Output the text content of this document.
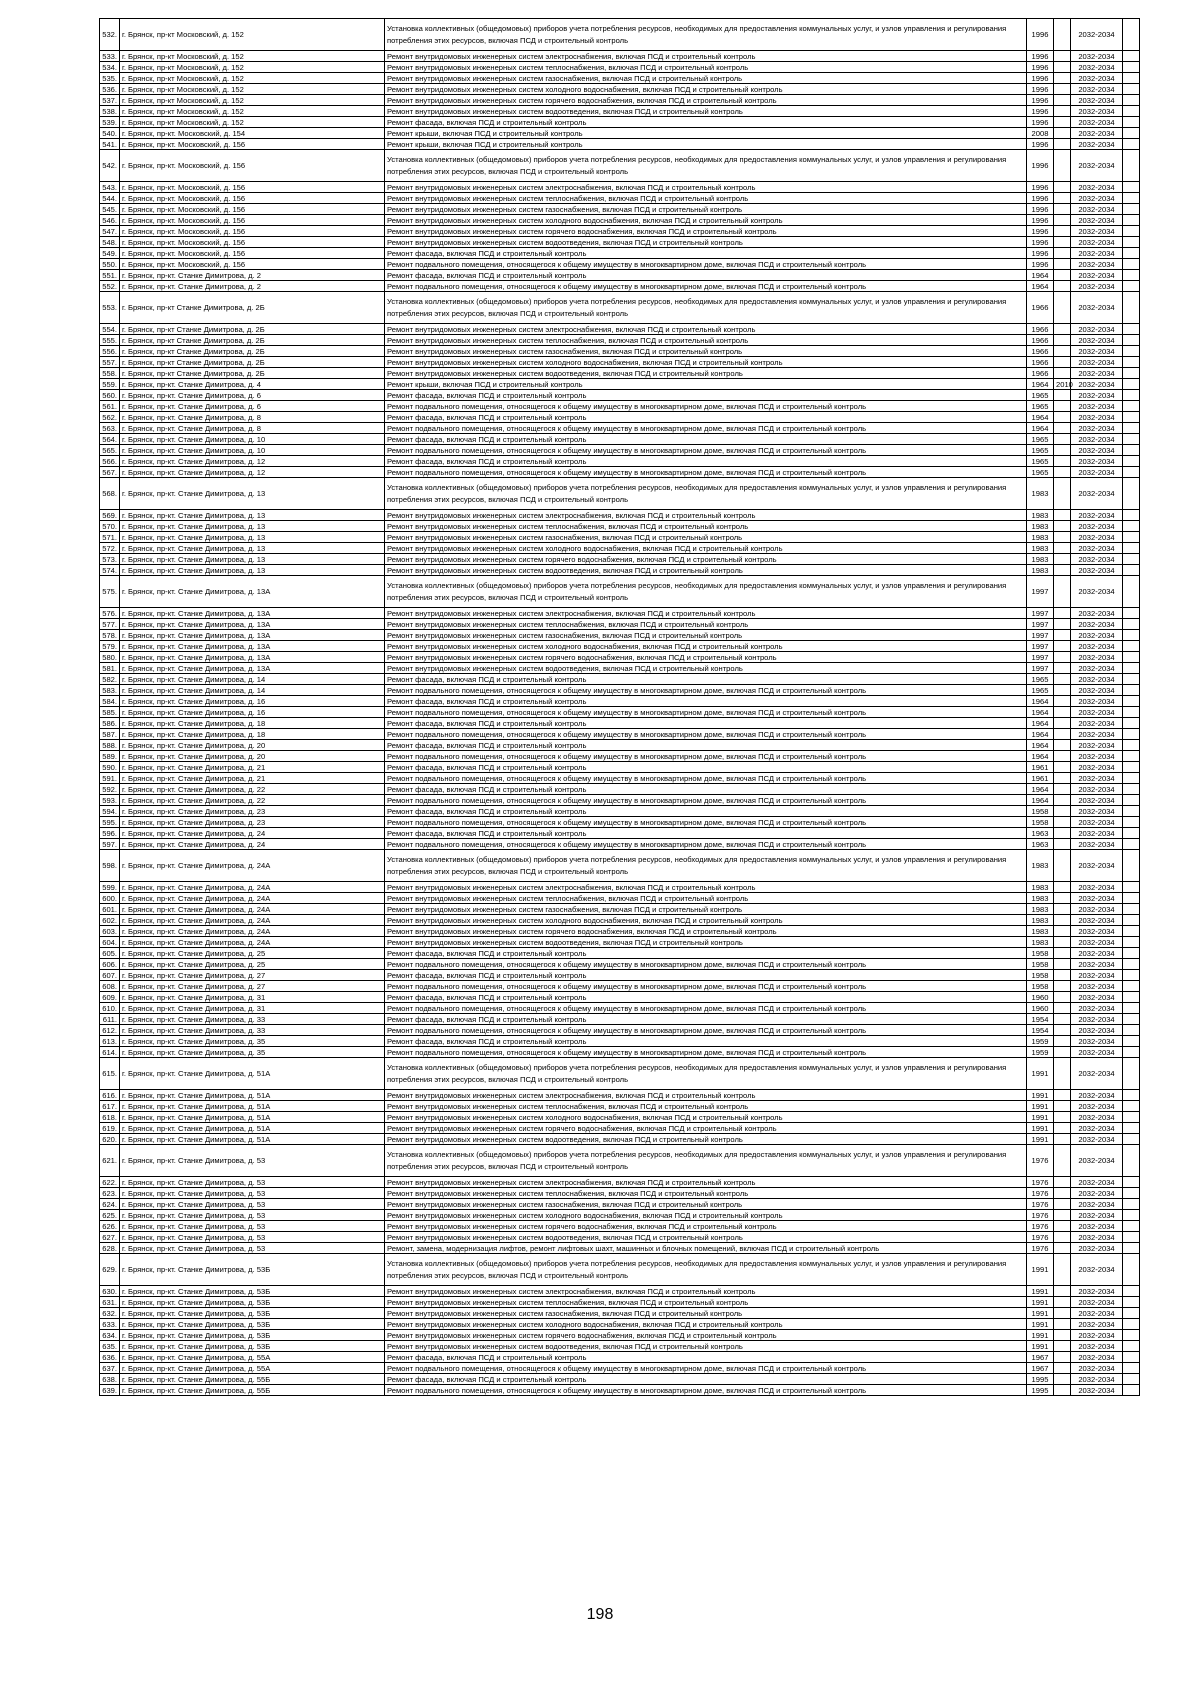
532.	г. Брянск, пр-кт Московский, д. 152	Установка коллективных (общедомовых) приборов учета потребления ресурсов, необходимых для предоставления коммунальных услуг, и узлов управления и регулирования потребления этих ресурсов, включая ПСД и строительный контроль	1996		2032-2034	
533.	г. Брянск, пр-кт Московский, д. 152	Ремонт внутридомовых инженерных систем электроснабжения, включая ПСД и строительный контроль	1996		2032-2034	
534.	г. Брянск, пр-кт Московский, д. 152	Ремонт внутридомовых инженерных систем теплоснабжения, включая ПСД и строительный контроль	1996		2032-2034	
535.	г. Брянск, пр-кт Московский, д. 152	Ремонт внутридомовых инженерных систем газоснабжения, включая ПСД и строительный контроль	1996		2032-2034	
536.	г. Брянск, пр-кт Московский, д. 152	Ремонт внутридомовых инженерных систем холодного водоснабжения, включая ПСД и строительный контроль	1996		2032-2034	
537.	г. Брянск, пр-кт Московский, д. 152	Ремонт внутридомовых инженерных систем горячего водоснабжения, включая ПСД и строительный контроль	1996		2032-2034	
538.	г. Брянск, пр-кт Московский, д. 152	Ремонт внутридомовых инженерных систем водоотведения, включая ПСД и строительный контроль	1996		2032-2034	
539.	г. Брянск, пр-кт Московский, д. 152	Ремонт фасада, включая ПСД и строительный контроль	1996		2032-2034	
540.	г. Брянск, пр-кт. Московский, д. 154	Ремонт крыши, включая ПСД и строительный контроль	2008		2032-2034	
541.	г. Брянск, пр-кт. Московский, д. 156	Ремонт крыши, включая ПСД и строительный контроль	1996		2032-2034	
542.	г. Брянск, пр-кт. Московский, д. 156	Установка коллективных (общедомовых) приборов учета потребления ресурсов, необходимых для предоставления коммунальных услуг, и узлов управления и регулирования потребления этих ресурсов, включая ПСД и строительный контроль	1996		2032-2034	
543.	г. Брянск, пр-кт. Московский, д. 156	Ремонт внутридомовых инженерных систем электроснабжения, включая ПСД и строительный контроль	1996		2032-2034	
544.	г. Брянск, пр-кт. Московский, д. 156	Ремонт внутридомовых инженерных систем теплоснабжения, включая ПСД и строительный контроль	1996		2032-2034	
545.	г. Брянск, пр-кт. Московский, д. 156	Ремонт внутридомовых инженерных систем газоснабжения, включая ПСД и строительный контроль	1996		2032-2034	
546.	г. Брянск, пр-кт. Московский, д. 156	Ремонт внутридомовых инженерных систем холодного водоснабжения, включая ПСД и строительный контроль	1996		2032-2034	
547.	г. Брянск, пр-кт. Московский, д. 156	Ремонт внутридомовых инженерных систем горячего водоснабжения, включая ПСД и строительный контроль	1996		2032-2034	
548.	г. Брянск, пр-кт. Московский, д. 156	Ремонт внутридомовых инженерных систем водоотведения, включая ПСД и строительный контроль	1996		2032-2034	
549.	г. Брянск, пр-кт. Московский, д. 156	Ремонт фасада, включая ПСД и строительный контроль	1996		2032-2034	
550.	г. Брянск, пр-кт. Московский, д. 156	Ремонт подвального помещения, относящегося к общему имуществу в многоквартирном доме, включая ПСД и строительный контроль	1996		2032-2034	
551.	г. Брянск, пр-кт. Станке Димитрова, д. 2	Ремонт фасада, включая ПСД и строительный контроль	1964		2032-2034	
552.	г. Брянск, пр-кт. Станке Димитрова, д. 2	Ремонт подвального помещения, относящегося к общему имуществу в многоквартирном доме, включая ПСД и строительный контроль	1964		2032-2034	
553.	г. Брянск, пр-кт Станке Димитрова, д. 2Б	Установка коллективных (общедомовых) приборов учета потребления ресурсов, необходимых для предоставления коммунальных услуг, и узлов управления и регулирования потребления этих ресурсов, включая ПСД и строительный контроль	1966		2032-2034	
554.	г. Брянск, пр-кт Станке Димитрова, д. 2Б	Ремонт внутридомовых инженерных систем электроснабжения, включая ПСД и строительный контроль	1966		2032-2034	
555.	г. Брянск, пр-кт Станке Димитрова, д. 2Б	Ремонт внутридомовых инженерных систем теплоснабжения, включая ПСД и строительный контроль	1966		2032-2034	
556.	г. Брянск, пр-кт Станке Димитрова, д. 2Б	Ремонт внутридомовых инженерных систем газоснабжения, включая ПСД и строительный контроль	1966		2032-2034	
557.	г. Брянск, пр-кт Станке Димитрова, д. 2Б	Ремонт внутридомовых инженерных систем холодного водоснабжения, включая ПСД и строительный контроль	1966		2032-2034	
558.	г. Брянск, пр-кт Станке Димитрова, д. 2Б	Ремонт внутридомовых инженерных систем водоотведения, включая ПСД и строительный контроль	1966		2032-2034	
559.	г. Брянск, пр-кт. Станке Димитрова, д. 4	Ремонт крыши, включая ПСД и строительный контроль	1964	2010	2032-2034	
560.	г. Брянск, пр-кт. Станке Димитрова, д. 6	Ремонт фасада, включая ПСД и строительный контроль	1965		2032-2034	
561.	г. Брянск, пр-кт. Станке Димитрова, д. 6	Ремонт подвального помещения, относящегося к общему имуществу в многоквартирном доме, включая ПСД и строительный контроль	1965		2032-2034	
562.	г. Брянск, пр-кт. Станке Димитрова, д. 8	Ремонт фасада, включая ПСД и строительный контроль	1964		2032-2034	
563.	г. Брянск, пр-кт. Станке Димитрова, д. 8	Ремонт подвального помещения, относящегося к общему имуществу в многоквартирном доме, включая ПСД и строительный контроль	1964		2032-2034	
564.	г. Брянск, пр-кт. Станке Димитрова, д. 10	Ремонт фасада, включая ПСД и строительный контроль	1965		2032-2034	
565.	г. Брянск, пр-кт. Станке Димитрова, д. 10	Ремонт подвального помещения, относящегося к общему имуществу в многоквартирном доме, включая ПСД и строительный контроль	1965		2032-2034	
566.	г. Брянск, пр-кт. Станке Димитрова, д. 12	Ремонт фасада, включая ПСД и строительный контроль	1965		2032-2034	
567.	г. Брянск, пр-кт. Станке Димитрова, д. 12	Ремонт подвального помещения, относящегося к общему имуществу в многоквартирном доме, включая ПСД и строительный контроль	1965		2032-2034	
568.	г. Брянск, пр-кт. Станке Димитрова, д. 13	Установка коллективных (общедомовых) приборов учета потребления ресурсов, необходимых для предоставления коммунальных услуг, и узлов управления и регулирования потребления этих ресурсов, включая ПСД и строительный контроль	1983		2032-2034	
569.	г. Брянск, пр-кт. Станке Димитрова, д. 13	Ремонт внутридомовых инженерных систем электроснабжения, включая ПСД и строительный контроль	1983		2032-2034	
570.	г. Брянск, пр-кт. Станке Димитрова, д. 13	Ремонт внутридомовых инженерных систем теплоснабжения, включая ПСД и строительный контроль	1983		2032-2034	
571.	г. Брянск, пр-кт. Станке Димитрова, д. 13	Ремонт внутридомовых инженерных систем газоснабжения, включая ПСД и строительный контроль	1983		2032-2034	
572.	г. Брянск, пр-кт. Станке Димитрова, д. 13	Ремонт внутридомовых инженерных систем холодного водоснабжения, включая ПСД и строительный контроль	1983		2032-2034	
573.	г. Брянск, пр-кт. Станке Димитрова, д. 13	Ремонт внутридомовых инженерных систем горячего водоснабжения, включая ПСД и строительный контроль	1983		2032-2034	
574.	г. Брянск, пр-кт. Станке Димитрова, д. 13	Ремонт внутридомовых инженерных систем водоотведения, включая ПСД и строительный контроль	1983		2032-2034	
575.	г. Брянск, пр-кт. Станке Димитрова, д. 13А	Установка коллективных (общедомовых) приборов учета потребления ресурсов, необходимых для предоставления коммунальных услуг, и узлов управления и регулирования потребления этих ресурсов, включая ПСД и строительный контроль	1997		2032-2034	
576.	г. Брянск, пр-кт. Станке Димитрова, д. 13А	Ремонт внутридомовых инженерных систем электроснабжения, включая ПСД и строительный контроль	1997		2032-2034	
577.	г. Брянск, пр-кт. Станке Димитрова, д. 13А	Ремонт внутридомовых инженерных систем теплоснабжения, включая ПСД и строительный контроль	1997		2032-2034	
578.	г. Брянск, пр-кт. Станке Димитрова, д. 13А	Ремонт внутридомовых инженерных систем газоснабжения, включая ПСД и строительный контроль	1997		2032-2034	
579.	г. Брянск, пр-кт. Станке Димитрова, д. 13А	Ремонт внутридомовых инженерных систем холодного водоснабжения, включая ПСД и строительный контроль	1997		2032-2034	
580.	г. Брянск, пр-кт. Станке Димитрова, д. 13А	Ремонт внутридомовых инженерных систем горячего водоснабжения, включая ПСД и строительный контроль	1997		2032-2034	
581.	г. Брянск, пр-кт. Станке Димитрова, д. 13А	Ремонт внутридомовых инженерных систем водоотведения, включая ПСД и строительный контроль	1997		2032-2034	
582.	г. Брянск, пр-кт. Станке Димитрова, д. 14	Ремонт фасада, включая ПСД и строительный контроль	1965		2032-2034	
583.	г. Брянск, пр-кт. Станке Димитрова, д. 14	Ремонт подвального помещения, относящегося к общему имуществу в многоквартирном доме, включая ПСД и строительный контроль	1965		2032-2034	
584.	г. Брянск, пр-кт. Станке Димитрова, д. 16	Ремонт фасада, включая ПСД и строительный контроль	1964		2032-2034	
585.	г. Брянск, пр-кт. Станке Димитрова, д. 16	Ремонт подвального помещения, относящегося к общему имуществу в многоквартирном доме, включая ПСД и строительный контроль	1964		2032-2034	
586.	г. Брянск, пр-кт. Станке Димитрова, д. 18	Ремонт фасада, включая ПСД и строительный контроль	1964		2032-2034	
587.	г. Брянск, пр-кт. Станке Димитрова, д. 18	Ремонт подвального помещения, относящегося к общему имуществу в многоквартирном доме, включая ПСД и строительный контроль	1964		2032-2034	
588.	г. Брянск, пр-кт. Станке Димитрова, д. 20	Ремонт фасада, включая ПСД и строительный контроль	1964		2032-2034	
589.	г. Брянск, пр-кт. Станке Димитрова, д. 20	Ремонт подвального помещения, относящегося к общему имуществу в многоквартирном доме, включая ПСД и строительный контроль	1964		2032-2034	
590.	г. Брянск, пр-кт. Станке Димитрова, д. 21	Ремонт фасада, включая ПСД и строительный контроль	1961		2032-2034	
591.	г. Брянск, пр-кт. Станке Димитрова, д. 21	Ремонт подвального помещения, относящегося к общему имуществу в многоквартирном доме, включая ПСД и строительный контроль	1961		2032-2034	
592.	г. Брянск, пр-кт. Станке Димитрова, д. 22	Ремонт фасада, включая ПСД и строительный контроль	1964		2032-2034	
593.	г. Брянск, пр-кт. Станке Димитрова, д. 22	Ремонт подвального помещения, относящегося к общему имуществу в многоквартирном доме, включая ПСД и строительный контроль	1964		2032-2034	
594.	г. Брянск, пр-кт. Станке Димитрова, д. 23	Ремонт фасада, включая ПСД и строительный контроль	1958		2032-2034	
595.	г. Брянск, пр-кт. Станке Димитрова, д. 23	Ремонт подвального помещения, относящегося к общему имуществу в многоквартирном доме, включая ПСД и строительный контроль	1958		2032-2034	
596.	г. Брянск, пр-кт. Станке Димитрова, д. 24	Ремонт фасада, включая ПСД и строительный контроль	1963		2032-2034	
597.	г. Брянск, пр-кт. Станке Димитрова, д. 24	Ремонт подвального помещения, относящегося к общему имуществу в многоквартирном доме, включая ПСД и строительный контроль	1963		2032-2034	
598.	г. Брянск, пр-кт. Станке Димитрова, д. 24А	Установка коллективных (общедомовых) приборов учета потребления ресурсов, необходимых для предоставления коммунальных услуг, и узлов управления и регулирования потребления этих ресурсов, включая ПСД и строительный контроль	1983		2032-2034	
599.	г. Брянск, пр-кт. Станке Димитрова, д. 24А	Ремонт внутридомовых инженерных систем электроснабжения, включая ПСД и строительный контроль	1983		2032-2034	
600.	г. Брянск, пр-кт. Станке Димитрова, д. 24А	Ремонт внутридомовых инженерных систем теплоснабжения, включая ПСД и строительный контроль	1983		2032-2034	
601.	г. Брянск, пр-кт. Станке Димитрова, д. 24А	Ремонт внутридомовых инженерных систем газоснабжения, включая ПСД и строительный контроль	1983		2032-2034	
602.	г. Брянск, пр-кт. Станке Димитрова, д. 24А	Ремонт внутридомовых инженерных систем холодного водоснабжения, включая ПСД и строительный контроль	1983		2032-2034	
603.	г. Брянск, пр-кт. Станке Димитрова, д. 24А	Ремонт внутридомовых инженерных систем горячего водоснабжения, включая ПСД и строительный контроль	1983		2032-2034	
604.	г. Брянск, пр-кт. Станке Димитрова, д. 24А	Ремонт внутридомовых инженерных систем водоотведения, включая ПСД и строительный контроль	1983		2032-2034	
605.	г. Брянск, пр-кт. Станке Димитрова, д. 25	Ремонт фасада, включая ПСД и строительный контроль	1958		2032-2034	
606.	г. Брянск, пр-кт. Станке Димитрова, д. 25	Ремонт подвального помещения, относящегося к общему имуществу в многоквартирном доме, включая ПСД и строительный контроль	1958		2032-2034	
607.	г. Брянск, пр-кт. Станке Димитрова, д. 27	Ремонт фасада, включая ПСД и строительный контроль	1958		2032-2034	
608.	г. Брянск, пр-кт. Станке Димитрова, д. 27	Ремонт подвального помещения, относящегося к общему имуществу в многоквартирном доме, включая ПСД и строительный контроль	1958		2032-2034	
609.	г. Брянск, пр-кт. Станке Димитрова, д. 31	Ремонт фасада, включая ПСД и строительный контроль	1960		2032-2034	
610.	г. Брянск, пр-кт. Станке Димитрова, д. 31	Ремонт подвального помещения, относящегося к общему имуществу в многоквартирном доме, включая ПСД и строительный контроль	1960		2032-2034	
611.	г. Брянск, пр-кт. Станке Димитрова, д. 33	Ремонт фасада, включая ПСД и строительный контроль	1954		2032-2034	
612.	г. Брянск, пр-кт. Станке Димитрова, д. 33	Ремонт подвального помещения, относящегося к общему имуществу в многоквартирном доме, включая ПСД и строительный контроль	1954		2032-2034	
613.	г. Брянск, пр-кт. Станке Димитрова, д. 35	Ремонт фасада, включая ПСД и строительный контроль	1959		2032-2034	
614.	г. Брянск, пр-кт. Станке Димитрова, д. 35	Ремонт подвального помещения, относящегося к общему имуществу в многоквартирном доме, включая ПСД и строительный контроль	1959		2032-2034	
615.	г. Брянск, пр-кт. Станке Димитрова, д. 51А	Установка коллективных (общедомовых) приборов учета потребления ресурсов, необходимых для предоставления коммунальных услуг, и узлов управления и регулирования потребления этих ресурсов, включая ПСД и строительный контроль	1991		2032-2034	
616.	г. Брянск, пр-кт. Станке Димитрова, д. 51А	Ремонт внутридомовых инженерных систем электроснабжения, включая ПСД и строительный контроль	1991		2032-2034	
617.	г. Брянск, пр-кт. Станке Димитрова, д. 51А	Ремонт внутридомовых инженерных систем теплоснабжения, включая ПСД и строительный контроль	1991		2032-2034	
618.	г. Брянск, пр-кт. Станке Димитрова, д. 51А	Ремонт внутридомовых инженерных систем холодного водоснабжения, включая ПСД и строительный контроль	1991		2032-2034	
619.	г. Брянск, пр-кт. Станке Димитрова, д. 51А	Ремонт внутридомовых инженерных систем горячего водоснабжения, включая ПСД и строительный контроль	1991		2032-2034	
620.	г. Брянск, пр-кт. Станке Димитрова, д. 51А	Ремонт внутридомовых инженерных систем водоотведения, включая ПСД и строительный контроль	1991		2032-2034	
621.	г. Брянск, пр-кт. Станке Димитрова, д. 53	Установка коллективных (общедомовых) приборов учета потребления ресурсов, необходимых для предоставления коммунальных услуг, и узлов управления и регулирования потребления этих ресурсов, включая ПСД и строительный контроль	1976		2032-2034	
622.	г. Брянск, пр-кт. Станке Димитрова, д. 53	Ремонт внутридомовых инженерных систем электроснабжения, включая ПСД и строительный контроль	1976		2032-2034	
623.	г. Брянск, пр-кт. Станке Димитрова, д. 53	Ремонт внутридомовых инженерных систем теплоснабжения, включая ПСД и строительный контроль	1976		2032-2034	
624.	г. Брянск, пр-кт. Станке Димитрова, д. 53	Ремонт внутридомовых инженерных систем газоснабжения, включая ПСД и строительный контроль	1976		2032-2034	
625.	г. Брянск, пр-кт. Станке Димитрова, д. 53	Ремонт внутридомовых инженерных систем холодного водоснабжения, включая ПСД и строительный контроль	1976		2032-2034	
626.	г. Брянск, пр-кт. Станке Димитрова, д. 53	Ремонт внутридомовых инженерных систем горячего водоснабжения, включая ПСД и строительный контроль	1976		2032-2034	
627.	г. Брянск, пр-кт. Станке Димитрова, д. 53	Ремонт внутридомовых инженерных систем водоотведения, включая ПСД и строительный контроль	1976		2032-2034	
628.	г. Брянск, пр-кт. Станке Димитрова, д. 53	Ремонт, замена, модернизация лифтов, ремонт лифтовых шахт, машинных и блочных помещений, включая ПСД и строительный контроль	1976		2032-2034	
629.	г. Брянск, пр-кт. Станке Димитрова, д. 53Б	Установка коллективных (общедомовых) приборов учета потребления ресурсов, необходимых для предоставления коммунальных услуг, и узлов управления и регулирования потребления этих ресурсов, включая ПСД и строительный контроль	1991		2032-2034	
630.	г. Брянск, пр-кт. Станке Димитрова, д. 53Б	Ремонт внутридомовых инженерных систем электроснабжения, включая ПСД и строительный контроль	1991		2032-2034	
631.	г. Брянск, пр-кт. Станке Димитрова, д. 53Б	Ремонт внутридомовых инженерных систем теплоснабжения, включая ПСД и строительный контроль	1991		2032-2034	
632.	г. Брянск, пр-кт. Станке Димитрова, д. 53Б	Ремонт внутридомовых инженерных систем газоснабжения, включая ПСД и строительный контроль	1991		2032-2034	
633.	г. Брянск, пр-кт. Станке Димитрова, д. 53Б	Ремонт внутридомовых инженерных систем холодного водоснабжения, включая ПСД и строительный контроль	1991		2032-2034	
634.	г. Брянск, пр-кт. Станке Димитрова, д. 53Б	Ремонт внутридомовых инженерных систем горячего водоснабжения, включая ПСД и строительный контроль	1991		2032-2034	
635.	г. Брянск, пр-кт. Станке Димитрова, д. 53Б	Ремонт внутридомовых инженерных систем водоотведения, включая ПСД и строительный контроль	1991		2032-2034	
636.	г. Брянск, пр-кт. Станке Димитрова, д. 55А	Ремонт фасада, включая ПСД и строительный контроль	1967		2032-2034	
637.	г. Брянск, пр-кт. Станке Димитрова, д. 55А	Ремонт подвального помещения, относящегося к общему имуществу в многоквартирном доме, включая ПСД и строительный контроль	1967		2032-2034	
638.	г. Брянск, пр-кт. Станке Димитрова, д. 55Б	Ремонт фасада, включая ПСД и строительный контроль	1995		2032-2034	
639.	г. Брянск, пр-кт. Станке Димитрова, д. 55Б	Ремонт подвального помещения, относящегося к общему имуществу в многоквартирном доме, включая ПСД и строительный контроль	1995		2032-2034	
198
